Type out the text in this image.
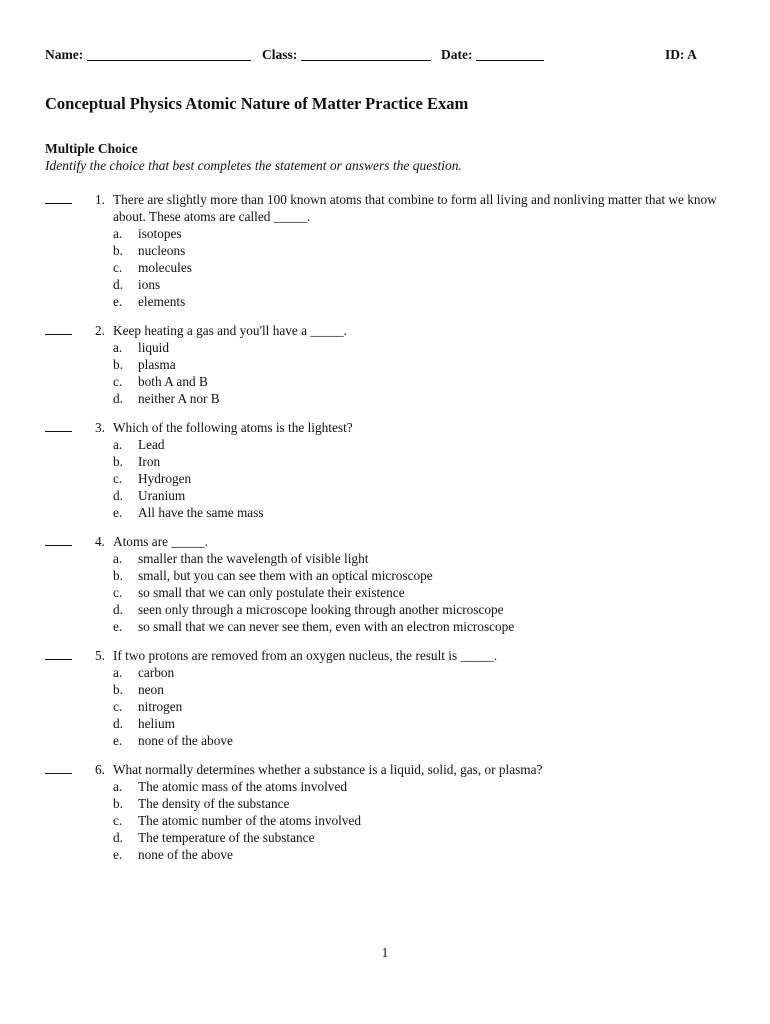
Name:	Class:	Date:	ID: A
Conceptual Physics Atomic Nature of Matter Practice Exam
Multiple Choice
Identify the choice that best completes the statement or answers the question.
1 . There are slightly more than 100 known atoms that combine to form all living and nonliving matter that we know about. These atoms are called _____.
a . isotopes
b . nucleons
c . molecules
d . ions
e . elements
2 . Keep heating a gas and you'll have a _____.
a . liquid
b . plasma
c . both A and B
d . neither A nor B
3 . Which of the following atoms is the lightest?
a . Lead
b . Iron
c . Hydrogen
d . Uranium
e . All have the same mass
4 . Atoms are _____.
a . smaller than the wavelength of visible light
b . small, but you can see them with an optical microscope
c . so small that we can only postulate their existence
d . seen only through a microscope looking through another microscope
e . so small that we can never see them, even with an electron microscope
5 . If two protons are removed from an oxygen nucleus, the result is _____.
a . carbon
b . neon
c . nitrogen
d . helium
e . none of the above
6 . What normally determines whether a substance is a liquid, solid, gas, or plasma?
a . The atomic mass of the atoms involved
b . The density of the substance
c . The atomic number of the atoms involved
d . The temperature of the substance
e . none of the above
1
